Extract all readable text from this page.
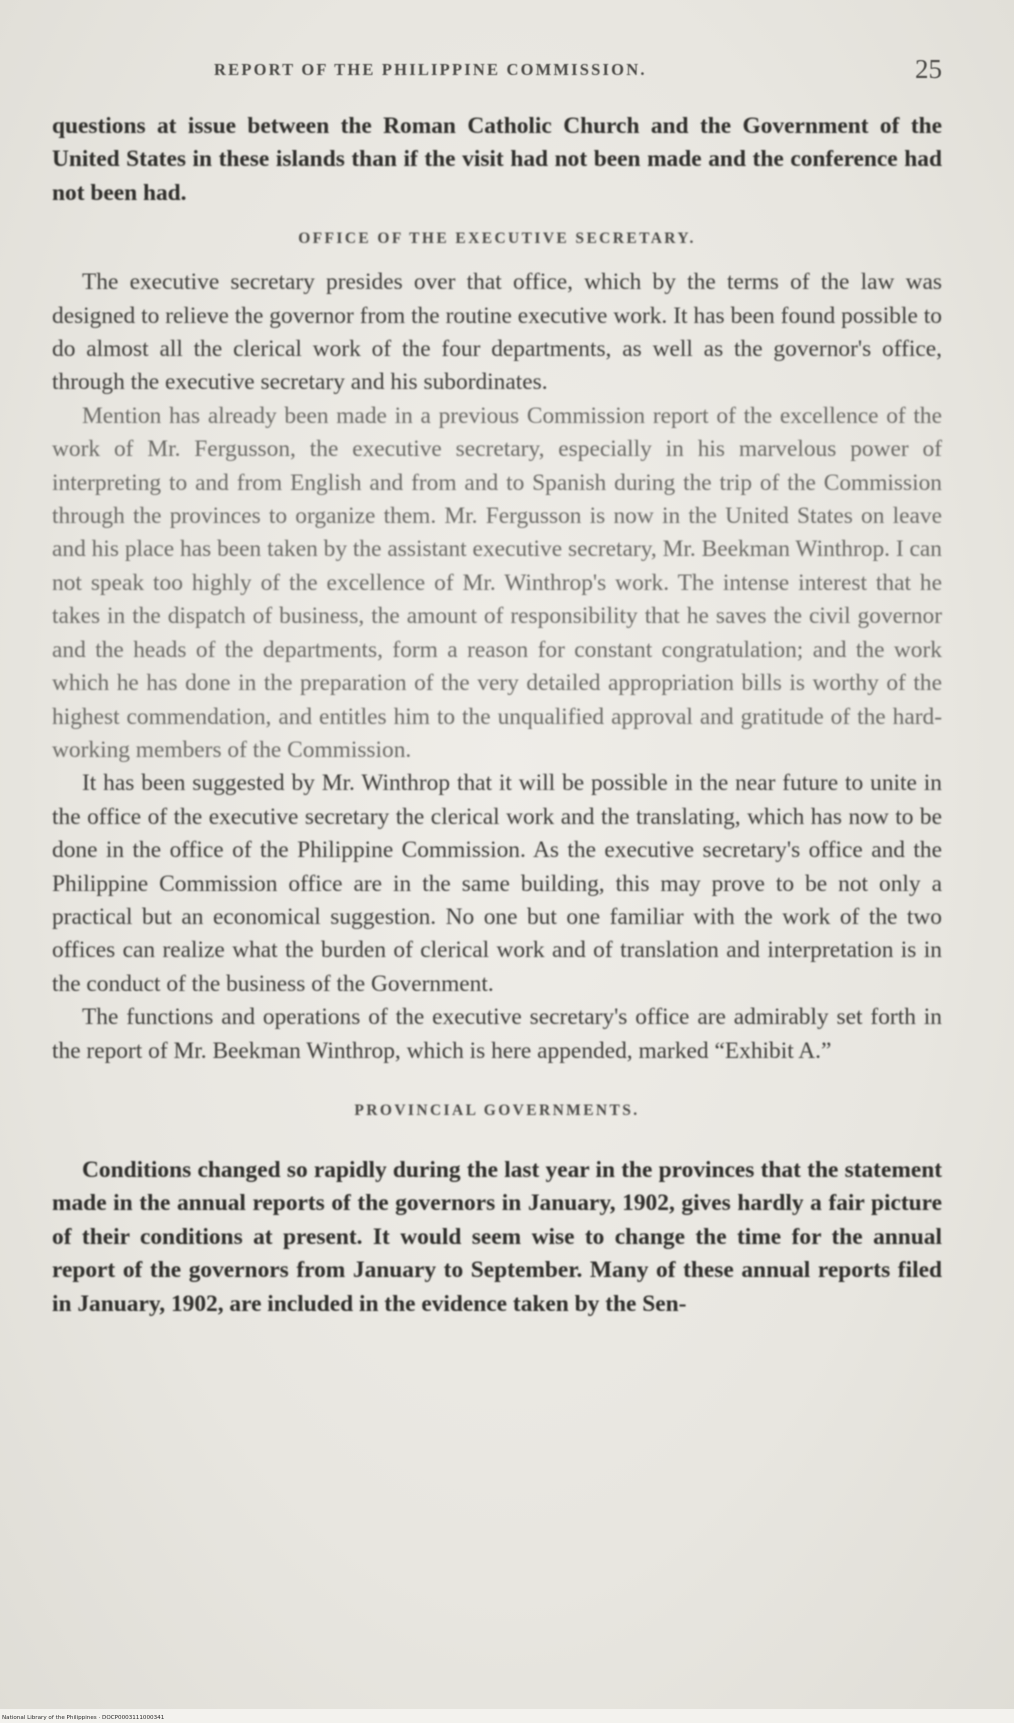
REPORT OF THE PHILIPPINE COMMISSION.	25

questions at issue between the Roman Catholic Church and the Government of the United States in these islands than if the visit had not been made and the conference had not been had.

OFFICE OF THE EXECUTIVE SECRETARY.

The executive secretary presides over that office, which by the terms of the law was designed to relieve the governor from the routine executive work. It has been found possible to do almost all the clerical work of the four departments, as well as the governor's office, through the executive secretary and his subordinates.

Mention has already been made in a previous Commission report of the excellence of the work of Mr. Fergusson, the executive secretary, especially in his marvelous power of interpreting to and from English and from and to Spanish during the trip of the Commission through the provinces to organize them. Mr. Fergusson is now in the United States on leave and his place has been taken by the assistant executive secretary, Mr. Beekman Winthrop. I can not speak too highly of the excellence of Mr. Winthrop's work. The intense interest that he takes in the dispatch of business, the amount of responsibility that he saves the civil governor and the heads of the departments, form a reason for constant congratulation; and the work which he has done in the preparation of the very detailed appropriation bills is worthy of the highest commendation, and entitles him to the unqualified approval and gratitude of the hard-working members of the Commission.

It has been suggested by Mr. Winthrop that it will be possible in the near future to unite in the office of the executive secretary the clerical work and the translating, which has now to be done in the office of the Philippine Commission. As the executive secretary's office and the Philippine Commission office are in the same building, this may prove to be not only a practical but an economical suggestion. No one but one familiar with the work of the two offices can realize what the burden of clerical work and of translation and interpretation is in the conduct of the business of the Government.

The functions and operations of the executive secretary's office are admirably set forth in the report of Mr. Beekman Winthrop, which is here appended, marked “Exhibit A.”

PROVINCIAL GOVERNMENTS.

Conditions changed so rapidly during the last year in the provinces that the statement made in the annual reports of the governors in January, 1902, gives hardly a fair picture of their conditions at present. It would seem wise to change the time for the annual report of the governors from January to September. Many of these annual reports filed in January, 1902, are included in the evidence taken by the Sen-

National Library of the Philippines · DOCP0003111000341
